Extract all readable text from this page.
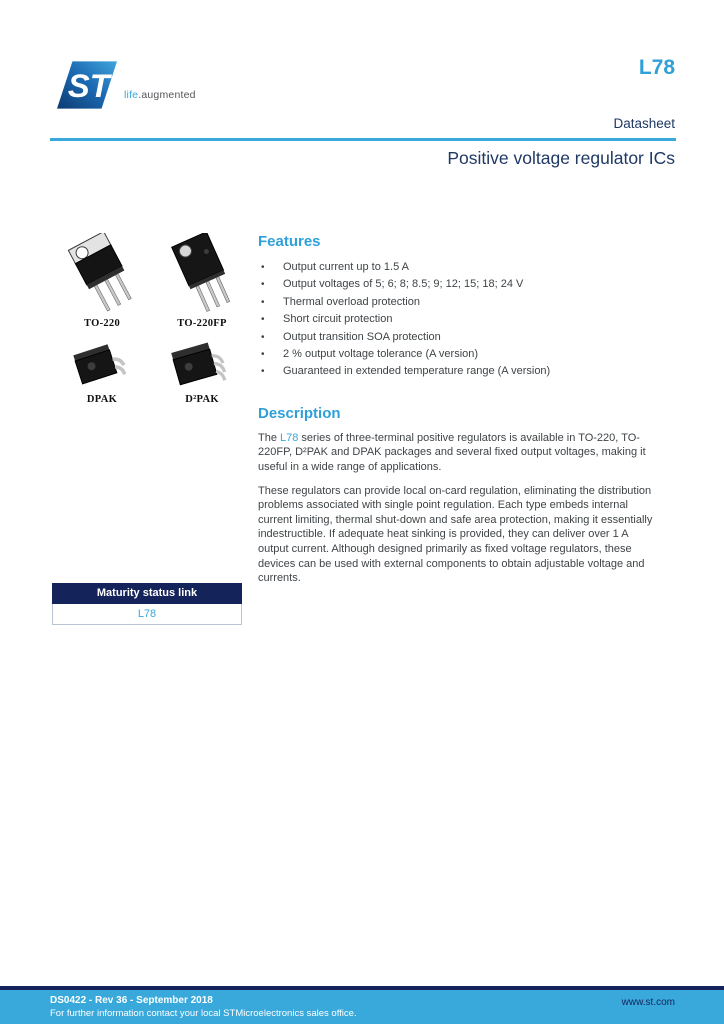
ST life.augmented
L78
Datasheet
Positive voltage regulator ICs
TO-220	TO-220FP
DPAK	D²PAK
Features
•
Output current up to 1.5 A
•
Output voltages of 5; 6; 8; 8.5; 9; 12; 15; 18; 24 V
•
Thermal overload protection
•
Short circuit protection
•
Output transition SOA protection
•
2 % output voltage tolerance (A version)
•
Guaranteed in extended temperature range (A version)
Description

The L78 series of three-terminal positive regulators is available in TO-220, TO-220FP, D²PAK and DPAK packages and several fixed output voltages, making it useful in a wide range of applications.

These regulators can provide local on-card regulation, eliminating the distribution problems associated with single point regulation. Each type embeds internal current limiting, thermal shut-down and safe area protection, making it essentially indestructible. If adequate heat sinking is provided, they can deliver over 1 A output current. Although designed primarily as fixed voltage regulators, these devices can be used with external components to obtain adjustable voltage and currents.

Maturity status link
L78
DS0422 - Rev 36 - September 2018
For further information contact your local STMicroelectronics sales office.
www.st.com
